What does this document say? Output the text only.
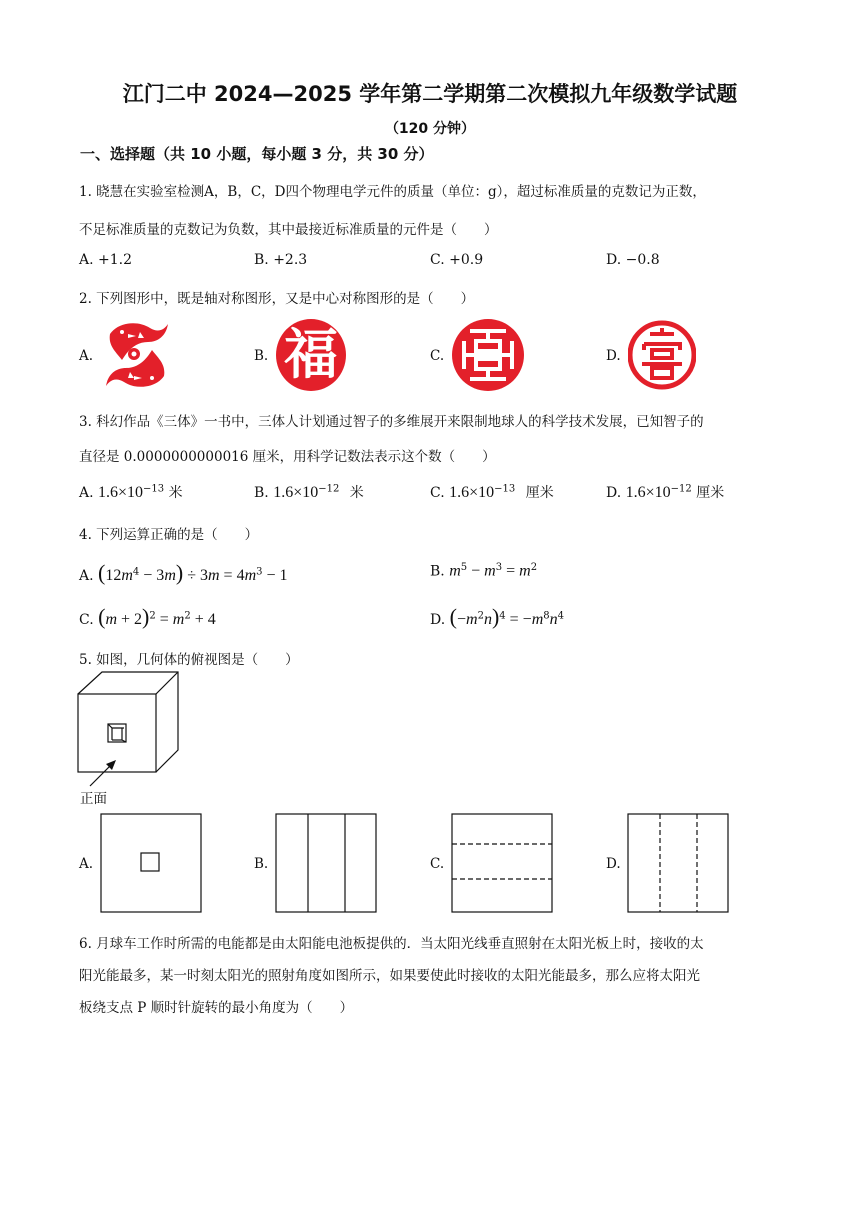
江门二中 2024—2025 学年第二学期第二次模拟九年级数学试题
（120 分钟）
一、选择题（共 10 小题，每小题 3 分，共 30 分）
1. 晓慧在实验室检测A，B，C，D四个物理电学元件的质量（单位：g），超过标准质量的克数记为正数，
不足标准质量的克数记为负数，其中最接近标准质量的元件是（　　）
A. +1.2	B. +2.3	C. +0.9	D. −0.8
2. 下列图形中，既是轴对称图形，又是中心对称图形的是（　　）
A.	B.	C.	D.
福
3. 科幻作品《三体》一书中，三体人计划通过智子的多维展开来限制地球人的科学技术发展，已知智子的
直径是 0.0000000000016 厘米，用科学记数法表示这个数（　　）
A. $1.6\times 10^{-13}$ 米	B. $1.6\times 10^{-12}$ 米	C. $1.6\times 10^{-13}$ 厘米	D. $1.6\times 10^{-12}$ 厘米
4. 下列运算正确的是（　　）
A. $(12m^4 - 3m) \div 3m = 4m^3 - 1$	B. $m^5 - m^3 = m^2$
C. $(m + 2)^2 = m^2 + 4$	D. $(-m^2n)^4 = -m^8n^4$
5. 如图，几何体的俯视图是（　　）
正面
A.	B.	C.	D.
6. 月球车工作时所需的电能都是由太阳能电池板提供的．当太阳光线垂直照射在太阳光板上时，接收的太
阳光能最多，某一时刻太阳光的照射角度如图所示，如果要使此时接收的太阳光能最多，那么应将太阳光
板绕支点 P 顺时针旋转的最小角度为（　　）
